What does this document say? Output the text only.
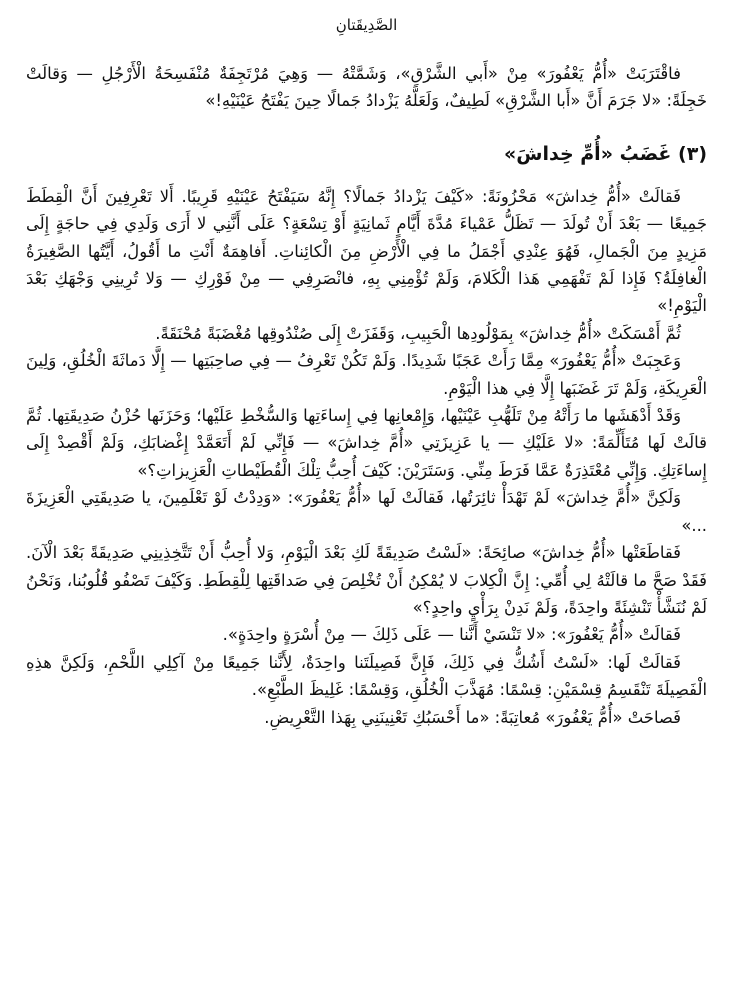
الصَّدِيقَتانِ

فاقْتَرَبَتْ «أُمُّ يَعْفُورَ» مِنْ «أَبي الشَّرْقِ»، وَشَمَّتْهُ — وَهِيَ مُرْتَجِفَةٌ مُنْفَسِحَةُ الْأَرْجُلِ — وَقالَتْ خَجِلَةً: «لا جَرَمَ أَنَّ «أَبا الشَّرْقِ» لَطِيفٌ، وَلَعَلَّهُ يَزْدادُ جَمالًا حِينَ يَفْتَحُ عَيْنَيْهِ!»

(٣) غَضَبُ «أُمِّ خِداشَ»

فَقالَتْ «أُمُّ خِداشَ» مَحْزُونَةً: «كَيْفَ يَزْدادُ جَمالًا؟ إِنَّهُ سَيَفْتَحُ عَيْنَيْهِ قَرِيبًا. أَلا تَعْرِفِينَ أَنَّ الْقِطَطَ جَمِيعًا — بَعْدَ أَنْ تُولَدَ — تَظَلُّ عَمْياءَ مُدَّةَ أَيَّامٍ ثَمانِيَةٍ أَوْ تِسْعَةٍ؟ عَلَى أَنَّنِي لا أَرَى وَلَدِي فِي حاجَةٍ إِلَى مَزِيدٍ مِنَ الْجَمالِ، فَهُوَ عِنْدِي أَجْمَلُ ما فِي الْأَرْضِ مِنَ الْكائِناتِ. أَفاهِمَةٌ أَنْتِ ما أَقُولُ، أَيَّتُها الصَّغِيرَةُ الْغافِلَةُ؟ فَإِذا لَمْ تَفْهَمِي هَذا الْكَلامَ، وَلَمْ تُؤْمِنِي بِهِ، فانْصَرِفِي — مِنْ فَوْرِكِ — وَلا تُرِينِي وَجْهَكِ بَعْدَ الْيَوْمِ!»

ثُمَّ أَمْسَكَتْ «أُمُّ خِداشَ» بِمَوْلُودِها الْحَبِيبِ، وَقَفَزَتْ إِلَى صُنْدُوقِها مُغْضَبَةً مُحْنَقَةً.

وَعَجِبَتْ «أُمُّ يَعْفُورَ» مِمَّا رَأَتْ عَجَبًا شَدِيدًا. وَلَمْ تَكُنْ تَعْرِفُ — فِي صاحِبَتِها — إِلَّا دَماثَةَ الْخُلُقِ، وَلِينَ الْعَرِيكَةِ، وَلَمْ تَرَ غَضَبَها إِلَّا فِي هذا الْيَوْمِ.

وَقَدْ أَدْهَشَها ما رَأَتْهُ مِنْ تَلَهُّبِ عَيْنَيْها، وَإِمْعانِها فِي إِساءَتِها وَالسُّخْطِ عَلَيْها؛ وَحَزَنَها حُزْنُ صَدِيقَتِها. ثُمَّ قالَتْ لَها مُتَأَلِّمَةً: «لا عَلَيْكِ — يا عَزِيزَتِي «أُمَّ خِداشَ» — فَإِنِّي لَمْ أَتَعَمَّدْ إِغْضابَكِ، وَلَمْ أَقْصِدْ إِلَى إِساءَتِكِ. وَإِنِّي مُعْتَذِرَةٌ عَمَّا فَرَطَ مِنِّي. وَسَتَرَيْنَ: كَيْفَ أُحِبُّ تِلْكَ الْقُطَيْطاتِ الْعَزِيزاتِ؟»

وَلَكِنَّ «أُمَّ خِداشَ» لَمْ تَهْدَأْ ثائِرَتُها، فَقالَتْ لَها «أُمُّ يَعْفُورَ»: «وَدِدْتُ لَوْ تَعْلَمِينَ، يا صَدِيقَتِي الْعَزِيزَةَ ...»

فَقاطَعَتْها «أُمُّ خِداشَ» صائِحَةً: «لَسْتُ صَدِيقَةً لَكِ بَعْدَ الْيَوْمِ، وَلا أُحِبُّ أَنْ تَتَّخِذِينِي صَدِيقَةً بَعْدَ الْآنَ. فَقَدْ صَحَّ ما قالَتْهُ لِي أُمِّي: إِنَّ الْكِلابَ لا يُمْكِنُ أَنْ تُخْلِصَ فِي صَداقَتِها لِلْقِطَطِ. وَكَيْفَ تَصْفُو قُلُوبُنا، وَنَحْنُ لَمْ نُنَشَّأْ تَنْشِئَةً واحِدَةً، وَلَمْ نَدِنْ بِرَأْيٍ واحِدٍ؟»

فَقالَتْ «أُمُّ يَعْفُورَ»: «لا تَنْسَيْ أَنَّنا — عَلَى ذَلِكَ — مِنْ أُسْرَةٍ واحِدَةٍ».

فَقالَتْ لَها: «لَسْتُ أَشُكُّ فِي ذَلِكَ، فَإِنَّ فَصِيلَتَنا واحِدَةٌ، لِأَنَّنا جَمِيعًا مِنْ آكِلِي اللَّحْمِ، وَلَكِنَّ هذِهِ الْفَصِيلَةَ تَنْقَسِمُ قِسْمَيْنِ: قِسْمًا: مُهَذَّبَ الْخُلُقِ، وَقِسْمًا: غَلِيظَ الطَّبْعِ».

فَصاحَتْ «أُمُّ يَعْفُورَ» مُعاتِبَةً: «ما أَحْسَبُكِ تَعْنِينَنِي بِهَذا التَّعْرِيضِ.
